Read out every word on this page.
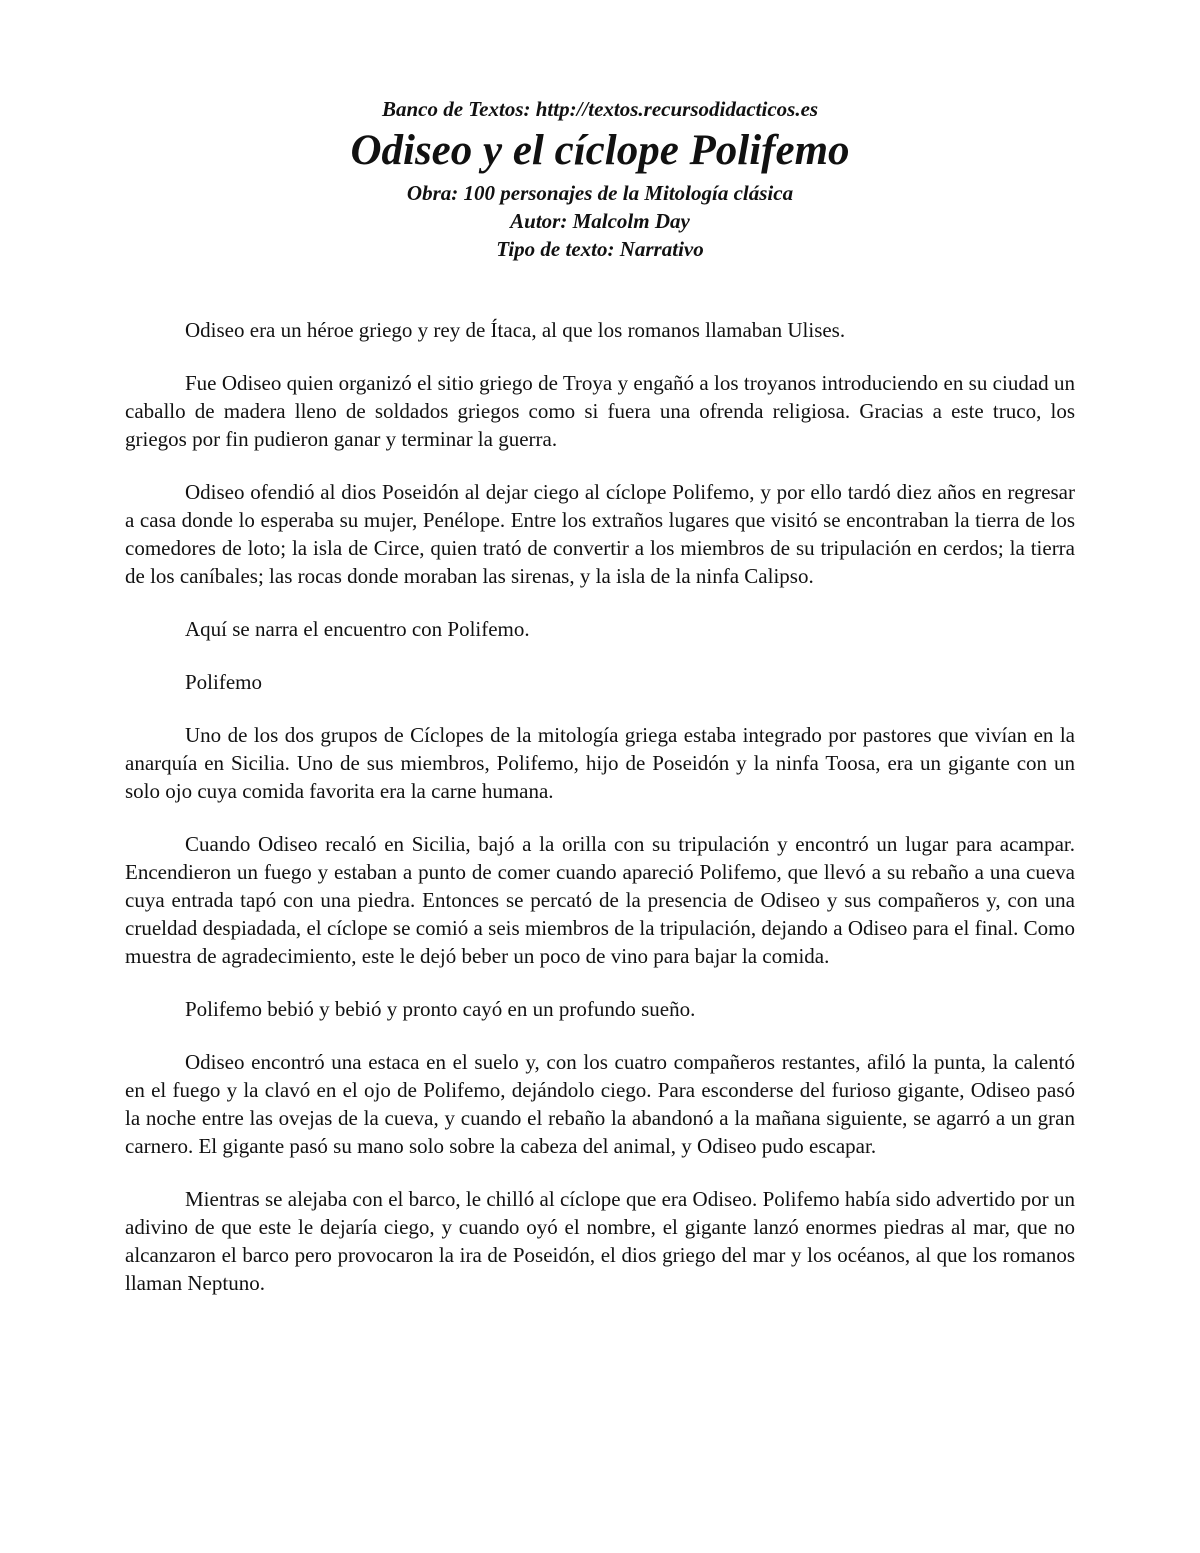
Banco de Textos: http://textos.recursodidacticos.es
Odiseo y el cíclope Polifemo
Obra: 100 personajes de la Mitología clásica
Autor: Malcolm Day
Tipo de texto: Narrativo

Odiseo era un héroe griego y rey de Ítaca, al que los romanos llamaban Ulises.

Fue Odiseo quien organizó el sitio griego de Troya y engañó a los troyanos introduciendo en su ciudad un caballo de madera lleno de soldados griegos como si fuera una ofrenda religiosa. Gracias a este truco, los griegos por fin pudieron ganar y terminar la guerra.

Odiseo ofendió al dios Poseidón al dejar ciego al cíclope Polifemo, y por ello tardó diez años en regresar a casa donde lo esperaba su mujer, Penélope. Entre los extraños lugares que visitó se encontraban la tierra de los comedores de loto; la isla de Circe, quien trató de convertir a los miembros de su tripulación en cerdos; la tierra de los caníbales; las rocas donde moraban las sirenas, y la isla de la ninfa Calipso.

Aquí se narra el encuentro con Polifemo.

Polifemo

Uno de los dos grupos de Cíclopes de la mitología griega estaba integrado por pastores que vivían en la anarquía en Sicilia. Uno de sus miembros, Polifemo, hijo de Poseidón y la ninfa Toosa, era un gigante con un solo ojo cuya comida favorita era la carne humana.

Cuando Odiseo recaló en Sicilia, bajó a la orilla con su tripulación y encontró un lugar para acampar. Encendieron un fuego y estaban a punto de comer cuando apareció Polifemo, que llevó a su rebaño a una cueva cuya entrada tapó con una piedra. Entonces se percató de la presencia de Odiseo y sus compañeros y, con una crueldad despiadada, el cíclope se comió a seis miembros de la tripulación, dejando a Odiseo para el final. Como muestra de agradecimiento, este le dejó beber un poco de vino para bajar la comida.

Polifemo bebió y bebió y pronto cayó en un profundo sueño.

Odiseo encontró una estaca en el suelo y, con los cuatro compañeros restantes, afiló la punta, la calentó en el fuego y la clavó en el ojo de Polifemo, dejándolo ciego. Para esconderse del furioso gigante, Odiseo pasó la noche entre las ovejas de la cueva, y cuando el rebaño la abandonó a la mañana siguiente, se agarró a un gran carnero. El gigante pasó su mano solo sobre la cabeza del animal, y Odiseo pudo escapar.

Mientras se alejaba con el barco, le chilló al cíclope que era Odiseo. Polifemo había sido advertido por un adivino de que este le dejaría ciego, y cuando oyó el nombre, el gigante lanzó enormes piedras al mar, que no alcanzaron el barco pero provocaron la ira de Poseidón, el dios griego del mar y los océanos, al que los romanos llaman Neptuno.
